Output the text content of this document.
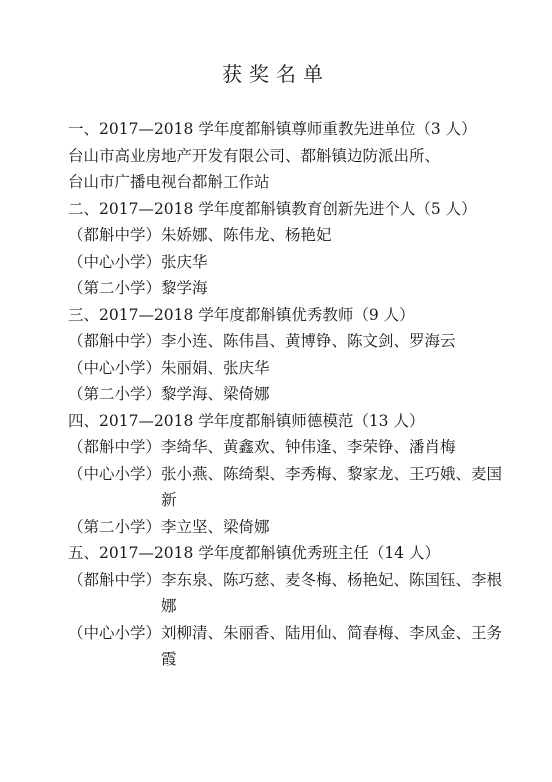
获奖名单
一、2017—2018 学年度都斛镇尊师重教先进单位（3 人）
台山市高业房地产开发有限公司、都斛镇边防派出所、
台山市广播电视台都斛工作站
二、2017—2018 学年度都斛镇教育创新先进个人（5 人）
（都斛中学） 朱娇娜、陈伟龙、杨艳妃
（中心小学） 张庆华
（第二小学） 黎学海
三、2017—2018 学年度都斛镇优秀教师（9 人）
（都斛中学） 李小连、陈伟昌、黄博铮、陈文剑、罗海云
（中心小学） 朱丽娟、张庆华
（第二小学） 黎学海、梁倚娜
四、2017—2018 学年度都斛镇师德模范（13 人）
（都斛中学） 李绮华、黄鑫欢、钟伟逢、李荣铮、潘肖梅
（中心小学） 张小燕、陈绮梨、李秀梅、黎家龙、王巧娥、麦国新
（第二小学） 李立坚、梁倚娜
五、2017—2018 学年度都斛镇优秀班主任（14 人）
（都斛中学） 李东泉、陈巧慈、麦冬梅、杨艳妃、陈国钰、李根娜
（中心小学） 刘柳清、朱丽香、陆用仙、简春梅、李凤金、王务霞
